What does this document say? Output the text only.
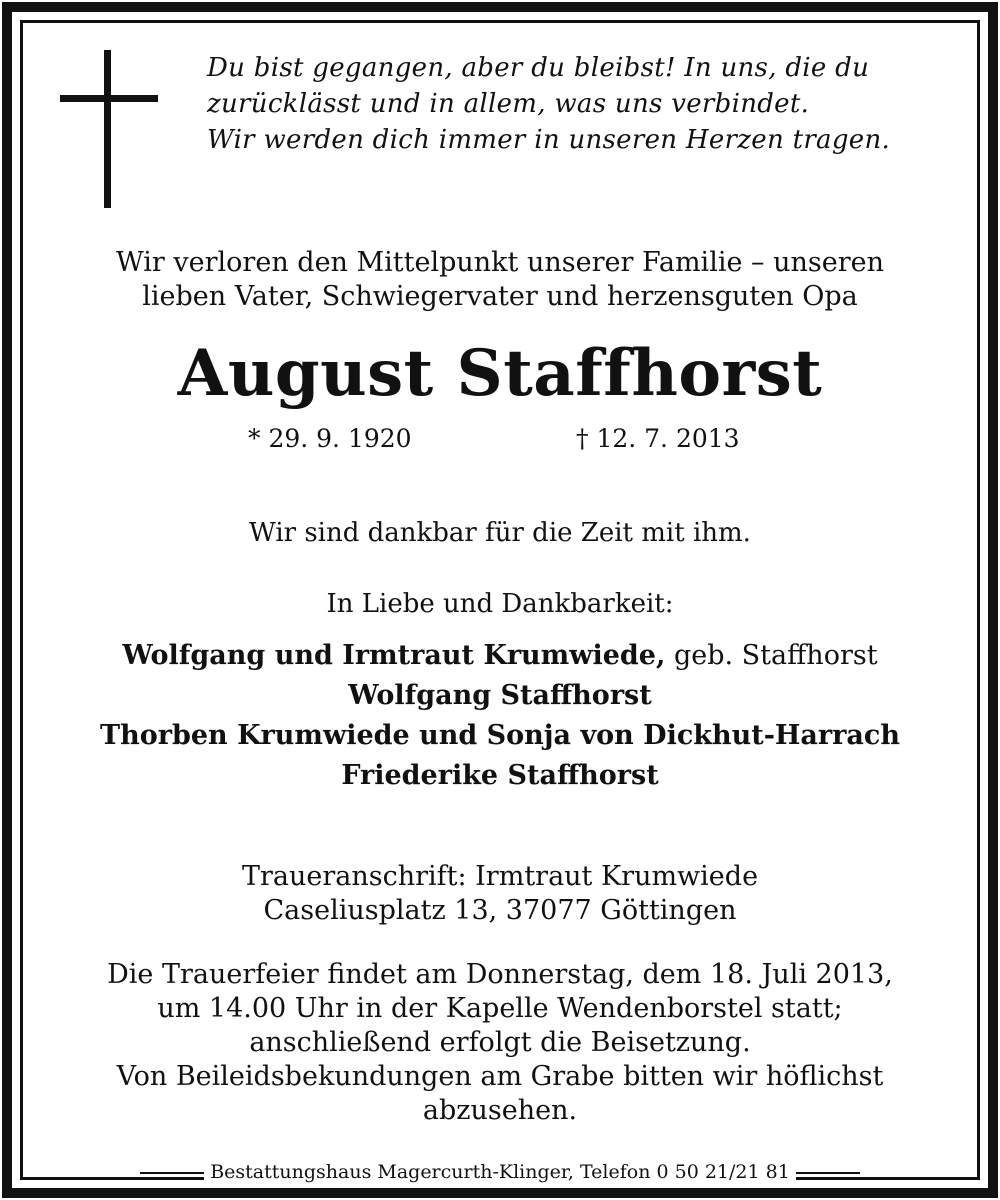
Du bist gegangen, aber du bleibst! In uns, die du
zurücklässt und in allem, was uns verbindet.
Wir werden dich immer in unseren Herzen tragen.
Wir verloren den Mittelpunkt unserer Familie – unseren
lieben Vater, Schwiegervater und herzensguten Opa
August Staffhorst
* 29. 9. 1920	† 12. 7. 2013
Wir sind dankbar für die Zeit mit ihm.
In Liebe und Dankbarkeit:
Wolfgang und Irmtraut Krumwiede, geb. Staffhorst
Wolfgang Staffhorst
Thorben Krumwiede und Sonja von Dickhut-Harrach
Friederike Staffhorst
Traueranschrift: Irmtraut Krumwiede
Caseliusplatz 13, 37077 Göttingen
Die Trauerfeier findet am Donnerstag, dem 18. Juli 2013,
um 14.00 Uhr in der Kapelle Wendenborstel statt;
anschließend erfolgt die Beisetzung.
Von Beileidsbekundungen am Grabe bitten wir höflichst
abzusehen.
Bestattungshaus Magercurth-Klinger, Telefon 0 50 21/21 81
